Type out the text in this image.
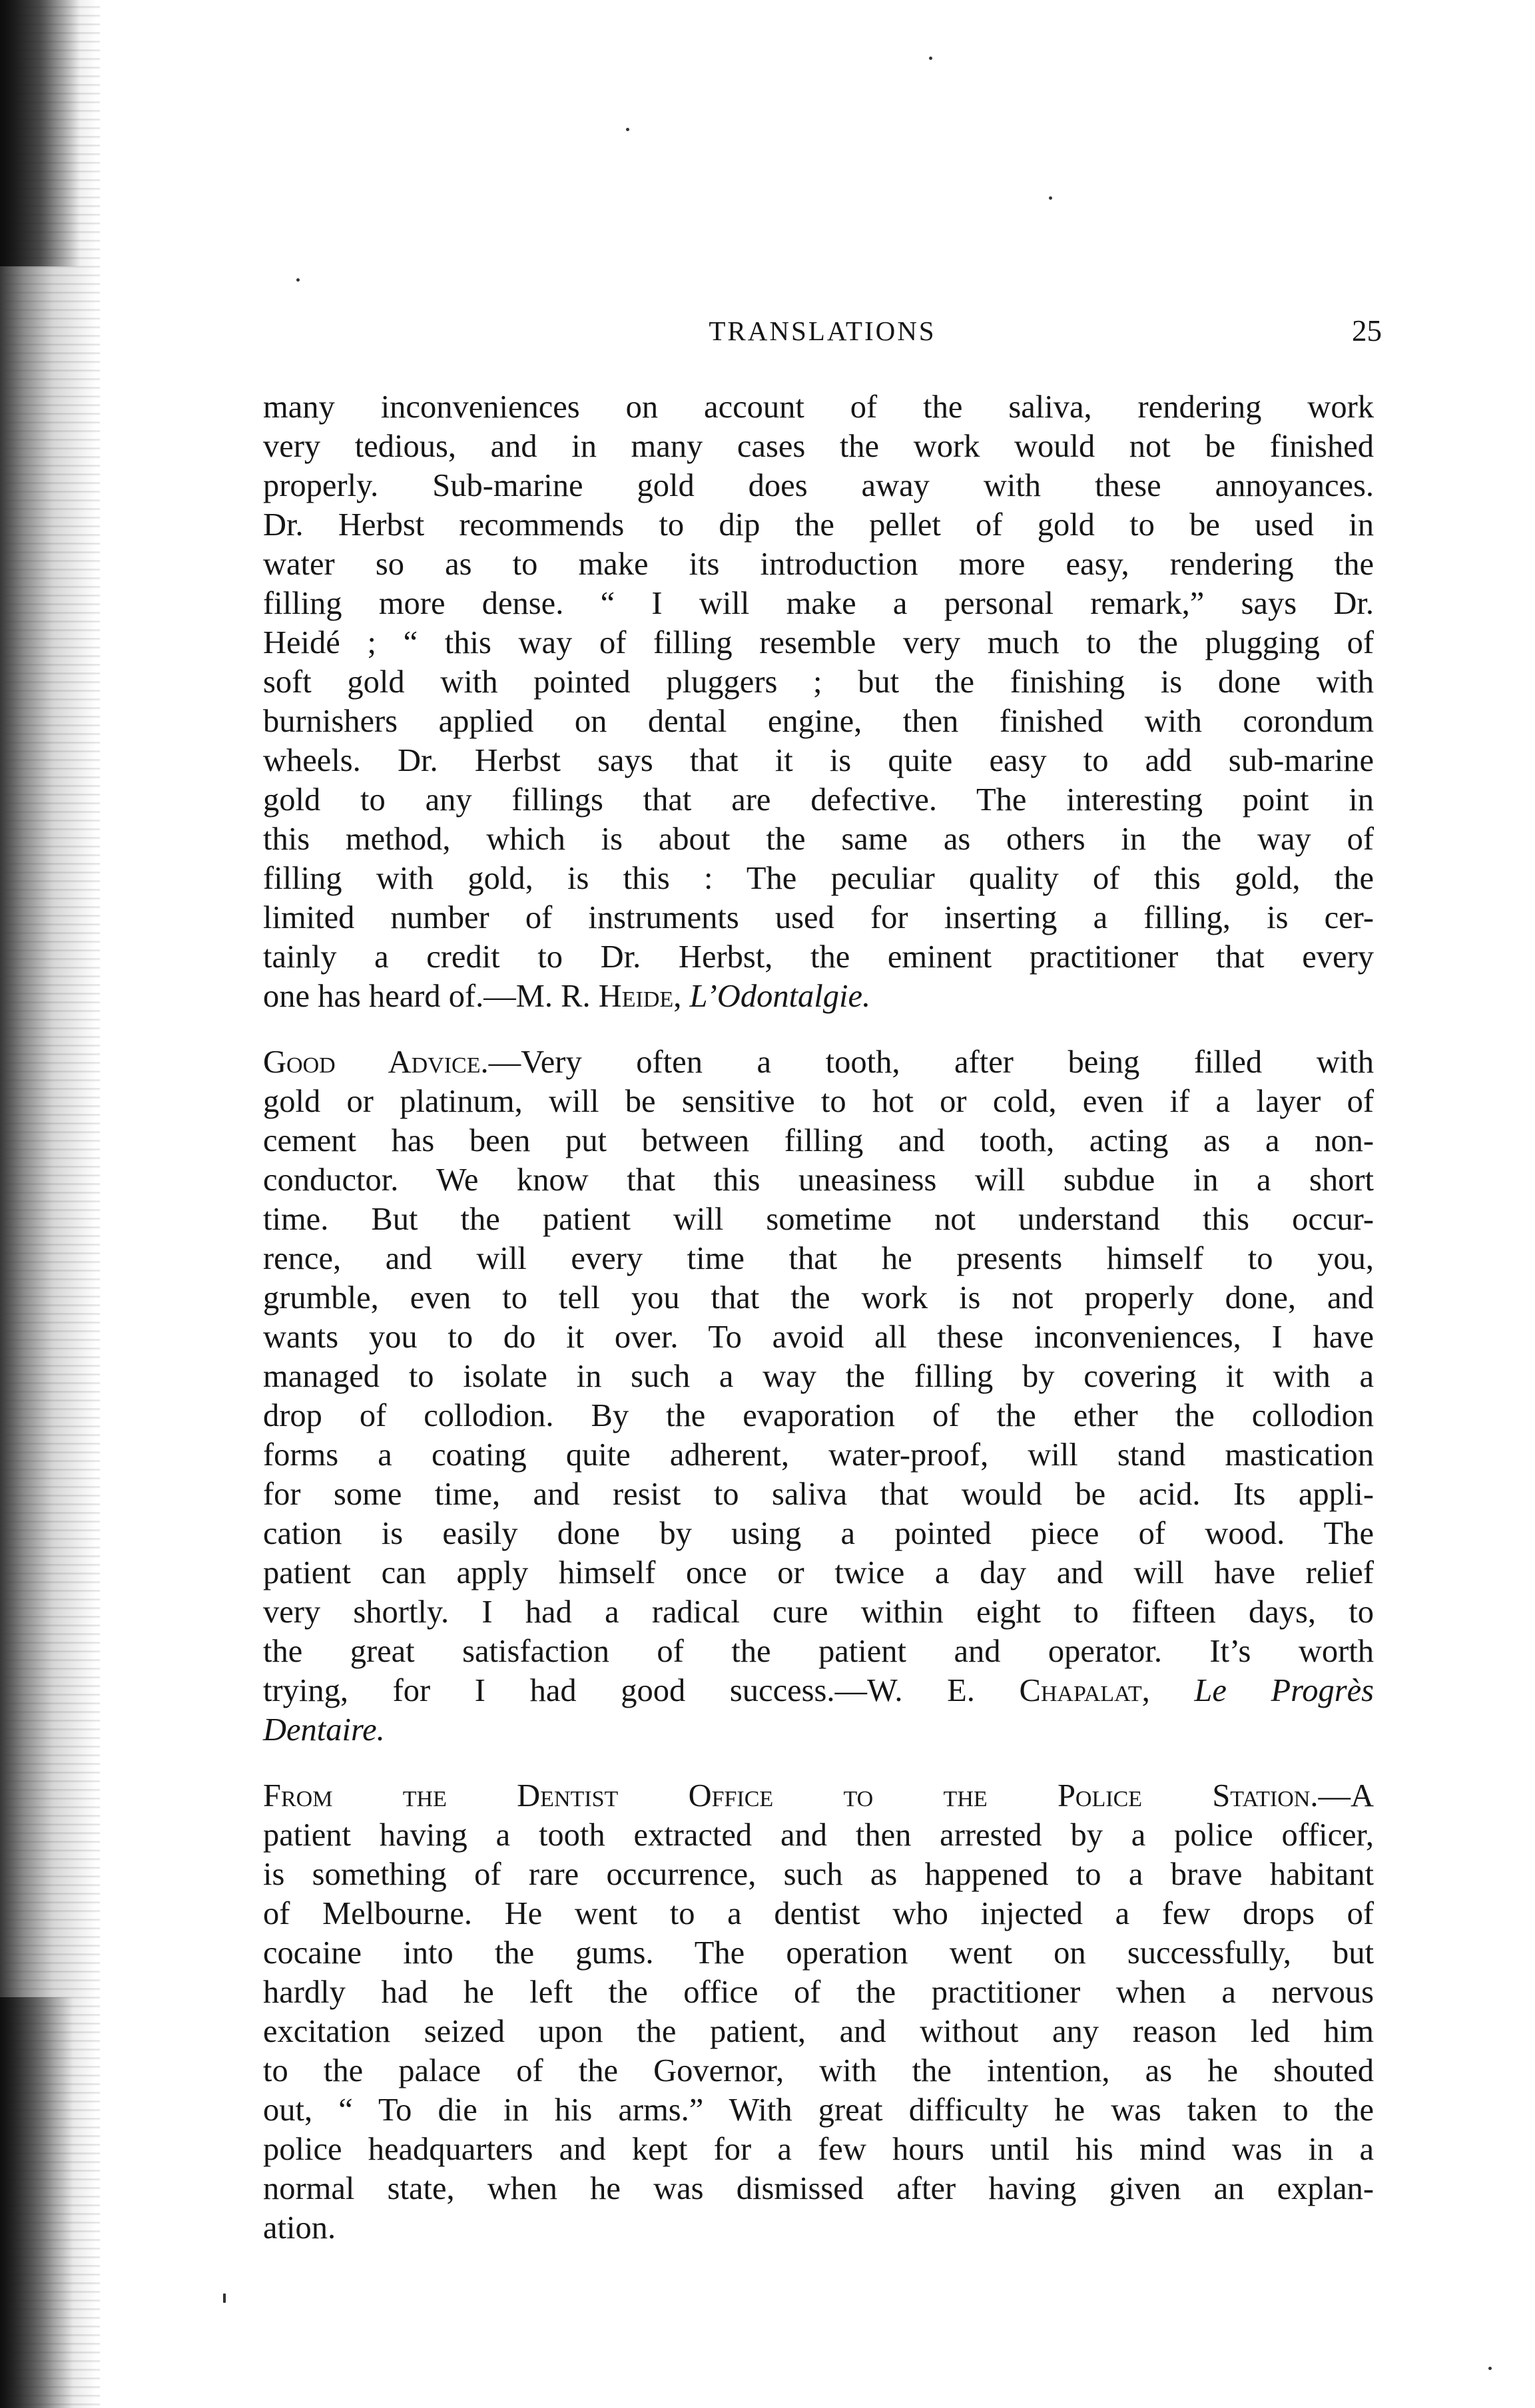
TRANSLATIONS	25
many inconveniences on account of the saliva, rendering work
very tedious, and in many cases the work would not be finished
properly. Sub-marine gold does away with these annoyances.
Dr. Herbst recommends to dip the pellet of gold to be used in
water so as to make its introduction more easy, rendering the
filling more dense. “ I will make a personal remark,” says Dr.
Heidé ; “ this way of filling resemble very much to the plugging of
soft gold with pointed pluggers ; but the finishing is done with
burnishers applied on dental engine, then finished with corondum
wheels. Dr. Herbst says that it is quite easy to add sub-marine
gold to any fillings that are defective. The interesting point in
this method, which is about the same as others in the way of
filling with gold, is this : The peculiar quality of this gold, the
limited number of instruments used for inserting a filling, is cer-
tainly a credit to Dr. Herbst, the eminent practitioner that every
one has heard of.—M. R. Heide, L’Odontalgie.
Good Advice.—Very often a tooth, after being filled with
gold or platinum, will be sensitive to hot or cold, even if a layer of
cement has been put between filling and tooth, acting as a non-
conductor. We know that this uneasiness will subdue in a short
time. But the patient will sometime not understand this occur-
rence, and will every time that he presents himself to you,
grumble, even to tell you that the work is not properly done, and
wants you to do it over. To avoid all these inconveniences, I have
managed to isolate in such a way the filling by covering it with a
drop of collodion. By the evaporation of the ether the collodion
forms a coating quite adherent, water-proof, will stand mastication
for some time, and resist to saliva that would be acid. Its appli-
cation is easily done by using a pointed piece of wood. The
patient can apply himself once or twice a day and will have relief
very shortly. I had a radical cure within eight to fifteen days, to
the great satisfaction of the patient and operator. It’s worth
trying, for I had good success.—W. E. Chapalat, Le Progrès
Dentaire.
From the Dentist Office to the Police Station.—A
patient having a tooth extracted and then arrested by a police officer,
is something of rare occurrence, such as happened to a brave habitant
of Melbourne. He went to a dentist who injected a few drops of
cocaine into the gums. The operation went on successfully, but
hardly had he left the office of the practitioner when a nervous
excitation seized upon the patient, and without any reason led him
to the palace of the Governor, with the intention, as he shouted
out, “ To die in his arms.” With great difficulty he was taken to the
police headquarters and kept for a few hours until his mind was in a
normal state, when he was dismissed after having given an explan-
ation.
